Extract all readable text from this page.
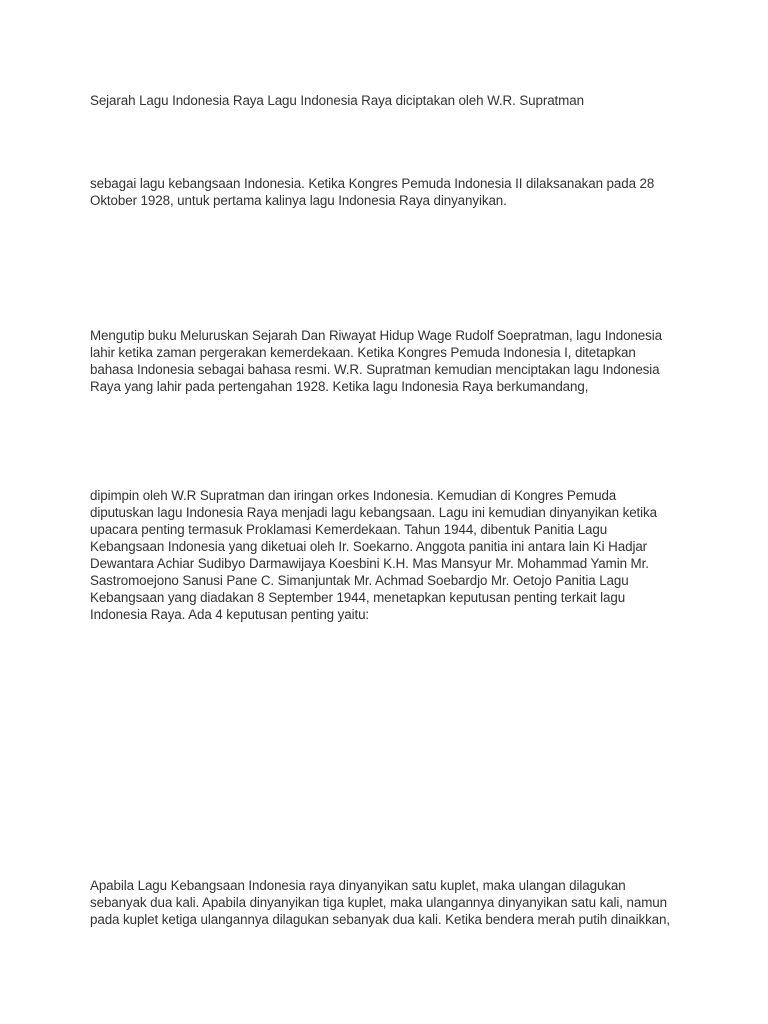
Sejarah Lagu Indonesia Raya Lagu Indonesia Raya diciptakan oleh W.R. Supratman

sebagai lagu kebangsaan Indonesia. Ketika Kongres Pemuda Indonesia II dilaksanakan pada 28
Oktober 1928, untuk pertama kalinya lagu Indonesia Raya dinyanyikan.

Mengutip buku Meluruskan Sejarah Dan Riwayat Hidup Wage Rudolf Soepratman, lagu Indonesia
lahir ketika zaman pergerakan kemerdekaan. Ketika Kongres Pemuda Indonesia I, ditetapkan
bahasa Indonesia sebagai bahasa resmi. W.R. Supratman kemudian menciptakan lagu Indonesia
Raya yang lahir pada pertengahan 1928. Ketika lagu Indonesia Raya berkumandang,

dipimpin oleh W.R Supratman dan iringan orkes Indonesia. Kemudian di Kongres Pemuda
diputuskan lagu Indonesia Raya menjadi lagu kebangsaan. Lagu ini kemudian dinyanyikan ketika
upacara penting termasuk Proklamasi Kemerdekaan. Tahun 1944, dibentuk Panitia Lagu
Kebangsaan Indonesia yang diketuai oleh Ir. Soekarno. Anggota panitia ini antara lain Ki Hadjar
Dewantara Achiar Sudibyo Darmawijaya Koesbini K.H. Mas Mansyur Mr. Mohammad Yamin Mr.
Sastromoejono Sanusi Pane C. Simanjuntak Mr. Achmad Soebardjo Mr. Oetojo Panitia Lagu
Kebangsaan yang diadakan 8 September 1944, menetapkan keputusan penting terkait lagu
Indonesia Raya. Ada 4 keputusan penting yaitu:

Apabila Lagu Kebangsaan Indonesia raya dinyanyikan satu kuplet, maka ulangan dilagukan
sebanyak dua kali. Apabila dinyanyikan tiga kuplet, maka ulangannya dinyanyikan satu kali, namun
pada kuplet ketiga ulangannya dilagukan sebanyak dua kali. Ketika bendera merah putih dinaikkan,
